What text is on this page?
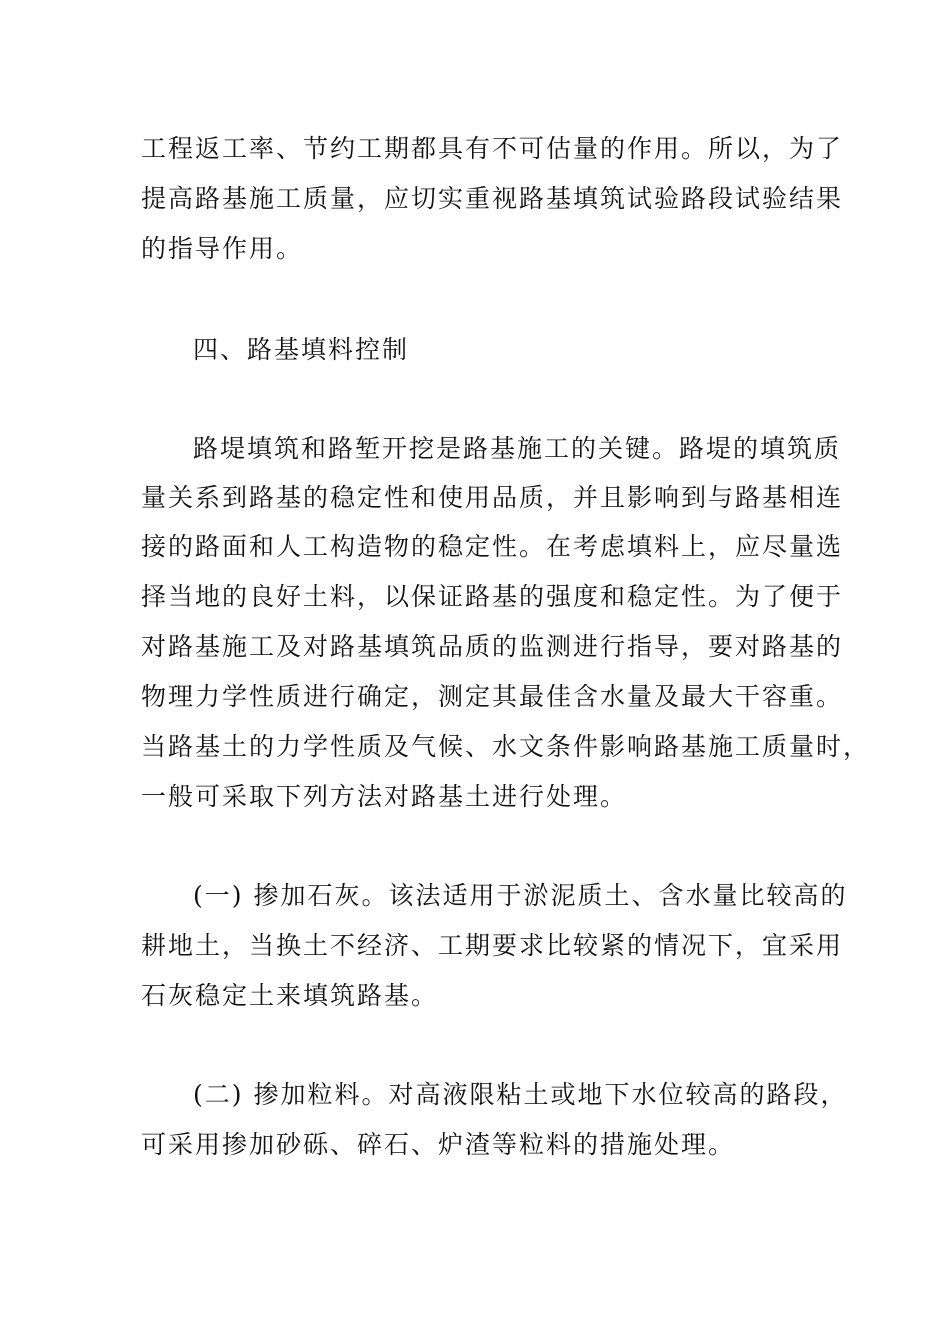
工程返工率、节约工期都具有不可估量的作用。所以，为了
提高路基施工质量，应切实重视路基填筑试验路段试验结果
的指导作用。
四、路基填料控制
路堤填筑和路堑开挖是路基施工的关键。路堤的填筑质
量关系到路基的稳定性和使用品质，并且影响到与路基相连
接的路面和人工构造物的稳定性。在考虑填料上，应尽量选
择当地的良好土料，以保证路基的强度和稳定性。为了便于
对路基施工及对路基填筑品质的监测进行指导，要对路基的
物理力学性质进行确定，测定其最佳含水量及最大干容重。
当路基土的力学性质及气候、水文条件影响路基施工质量时，
一般可采取下列方法对路基土进行处理。
(一) 掺加石灰。该法适用于淤泥质土、含水量比较高的
耕地土，当换土不经济、工期要求比较紧的情况下，宜采用
石灰稳定土来填筑路基。
(二) 掺加粒料。对高液限粘土或地下水位较高的路段，
可采用掺加砂砾、碎石、炉渣等粒料的措施处理。
